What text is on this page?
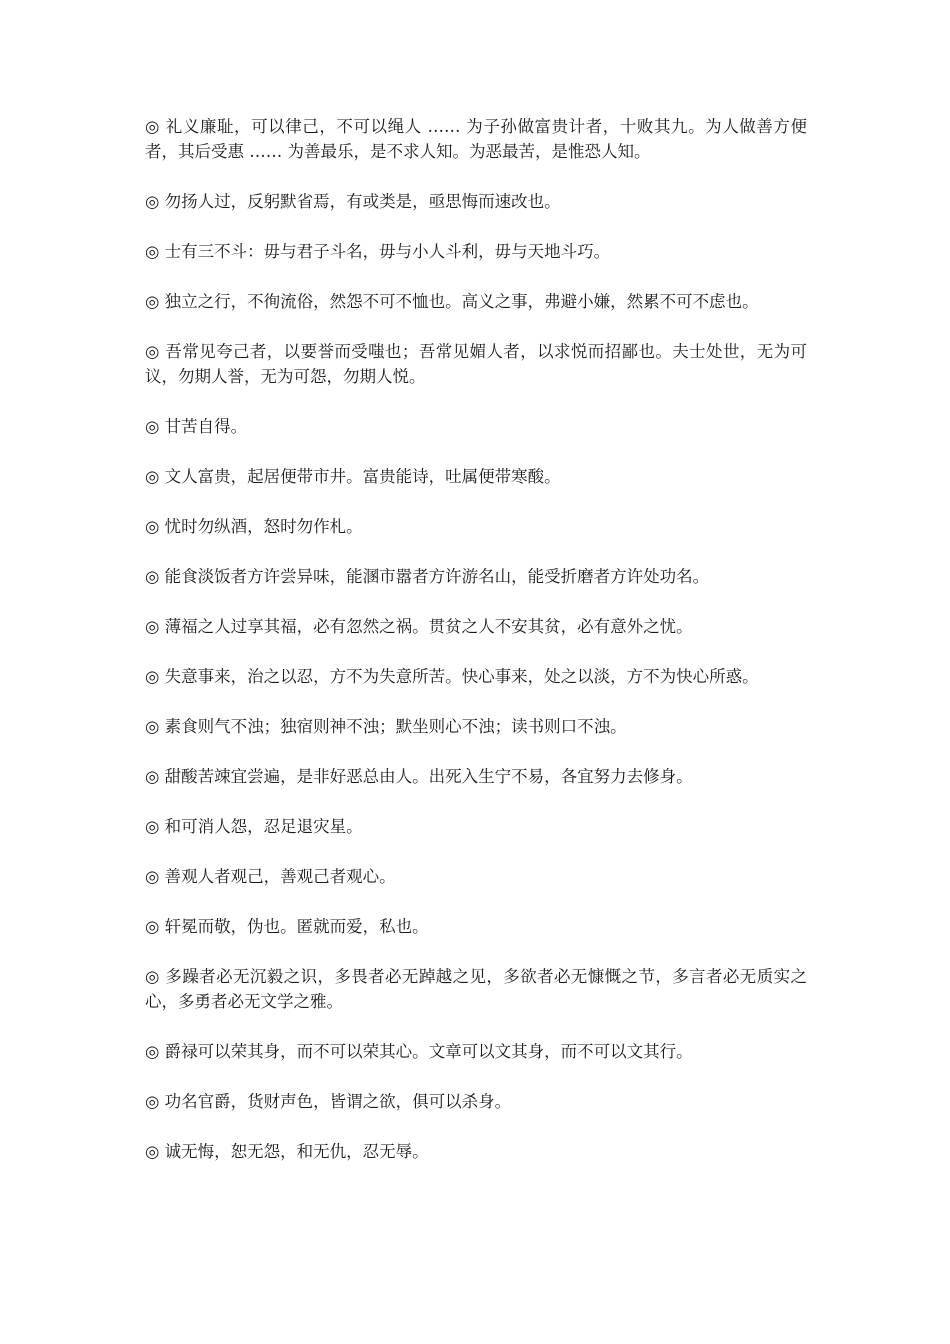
◎ 礼义廉耻，可以律己，不可以绳人 …… 为子孙做富贵计者，十败其九。为人做善方便者，其后受惠 …… 为善最乐，是不求人知。为恶最苦，是惟恐人知。

◎ 勿扬人过，反躬默省焉，有或类是，亟思悔而速改也。

◎ 士有三不斗：毋与君子斗名，毋与小人斗利，毋与天地斗巧。

◎ 独立之行，不徇流俗，然怨不可不恤也。高义之事，弗避小嫌，然累不可不虑也。

◎ 吾常见夸己者，以要誉而受嗤也；吾常见媚人者，以求悦而招鄙也。夫士处世，无为可议，勿期人誉，无为可怨，勿期人悦。

◎ 甘苦自得。

◎ 文人富贵，起居便带市井。富贵能诗，吐属便带寒酸。

◎ 忧时勿纵酒，怒时勿作札。

◎ 能食淡饭者方许尝异味，能溷市嚣者方许游名山，能受折磨者方许处功名。

◎ 薄福之人过享其福，必有忽然之祸。贯贫之人不安其贫，必有意外之忧。

◎ 失意事来，治之以忍，方不为失意所苦。快心事来，处之以淡，方不为快心所惑。

◎ 素食则气不浊；独宿则神不浊；默坐则心不浊；读书则口不浊。

◎ 甜酸苦竦宜尝遍，是非好恶总由人。出死入生宁不易，各宜努力去修身。

◎ 和可消人怨，忍足退灾星。

◎ 善观人者观己，善观己者观心。

◎ 轩冕而敬，伪也。匿就而爱，私也。

◎ 多躁者必无沉毅之识，多畏者必无踔越之见，多欲者必无慷慨之节，多言者必无质实之心，多勇者必无文学之雅。

◎ 爵禄可以荣其身，而不可以荣其心。文章可以文其身，而不可以文其行。

◎ 功名官爵，货财声色，皆谓之欲，俱可以杀身。

◎ 诚无悔，恕无怨，和无仇，忍无辱。
